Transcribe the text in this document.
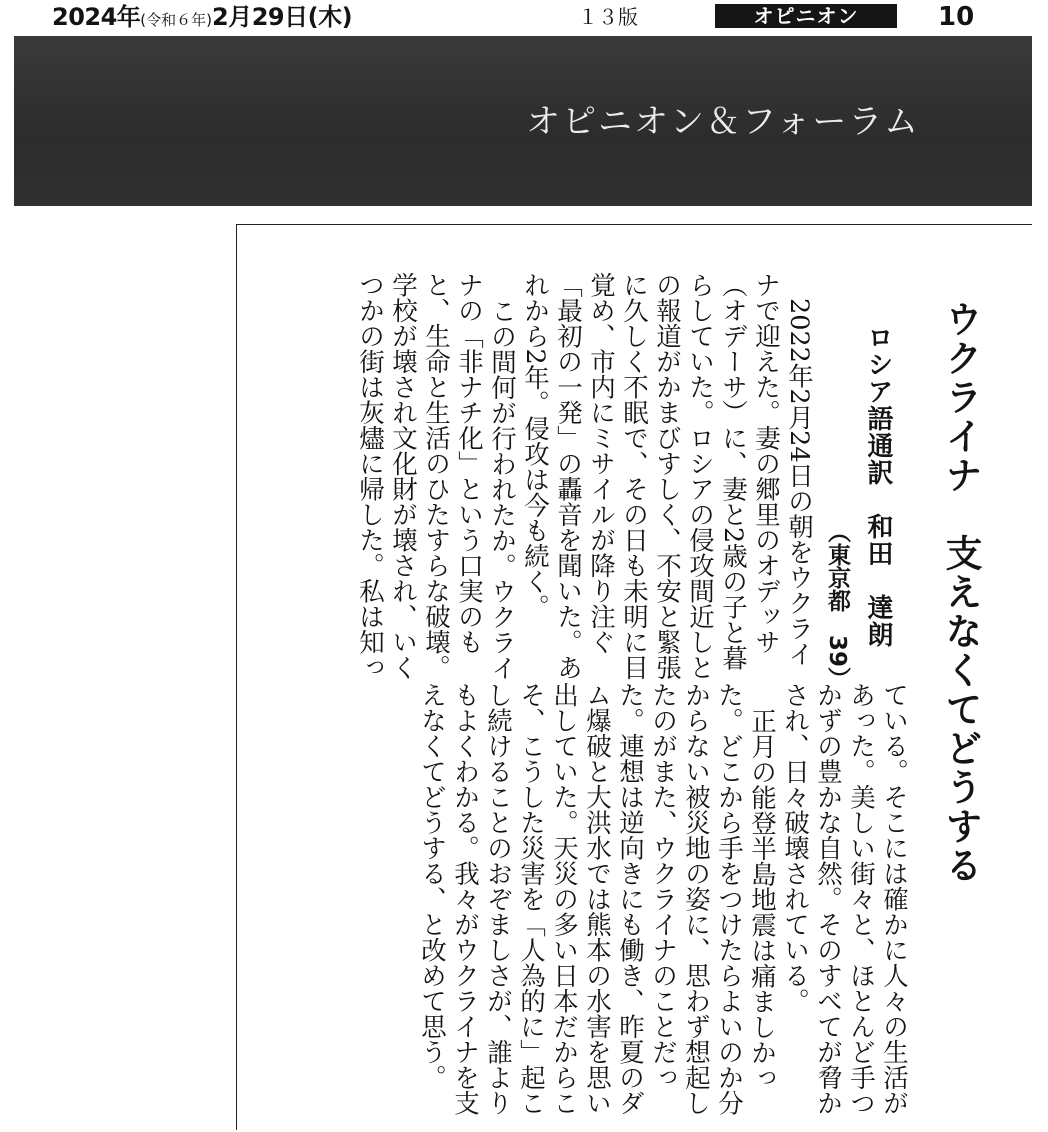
2024年(令和６年)2月29日(木)	１３版	オピニオン	10
オピニオン＆フォーラム
ウクライナ　支えなくてどうする
ロシア語通訳　和田　達朗
（東京都　39）

2022年2月24日の朝をウクライナで迎えた。妻の郷里のオデッサ（オデーサ）に、妻と2歳の子と暮らしていた。ロシアの侵攻間近しとの報道がかまびすしく、不安と緊張に久しく不眠で、その日も未明に目覚め、市内にミサイルが降り注ぐ「最初の一発」の轟音を聞いた。あれから2年。侵攻は今も続く。

この間何が行われたか。ウクライナの「非ナチ化」という口実のもと、生命と生活のひたすらな破壊。学校が壊され文化財が壊され、いくつかの街は灰燼に帰した。私は知っ

ている。そこには確かに人々の生活があった。美しい街々と、ほとんど手つかずの豊かな自然。そのすべてが脅かされ、日々破壊されている。

正月の能登半島地震は痛ましかった。どこから手をつけたらよいのか分からない被災地の姿に、思わず想起したのがまた、ウクライナのことだった。連想は逆向きにも働き、昨夏のダム爆破と大洪水では熊本の水害を思い出していた。天災の多い日本だからこそ、こうした災害を「人為的に」起こし続けることのおぞましさが、誰よりもよくわかる。我々がウクライナを支えなくてどうする、と改めて思う。
